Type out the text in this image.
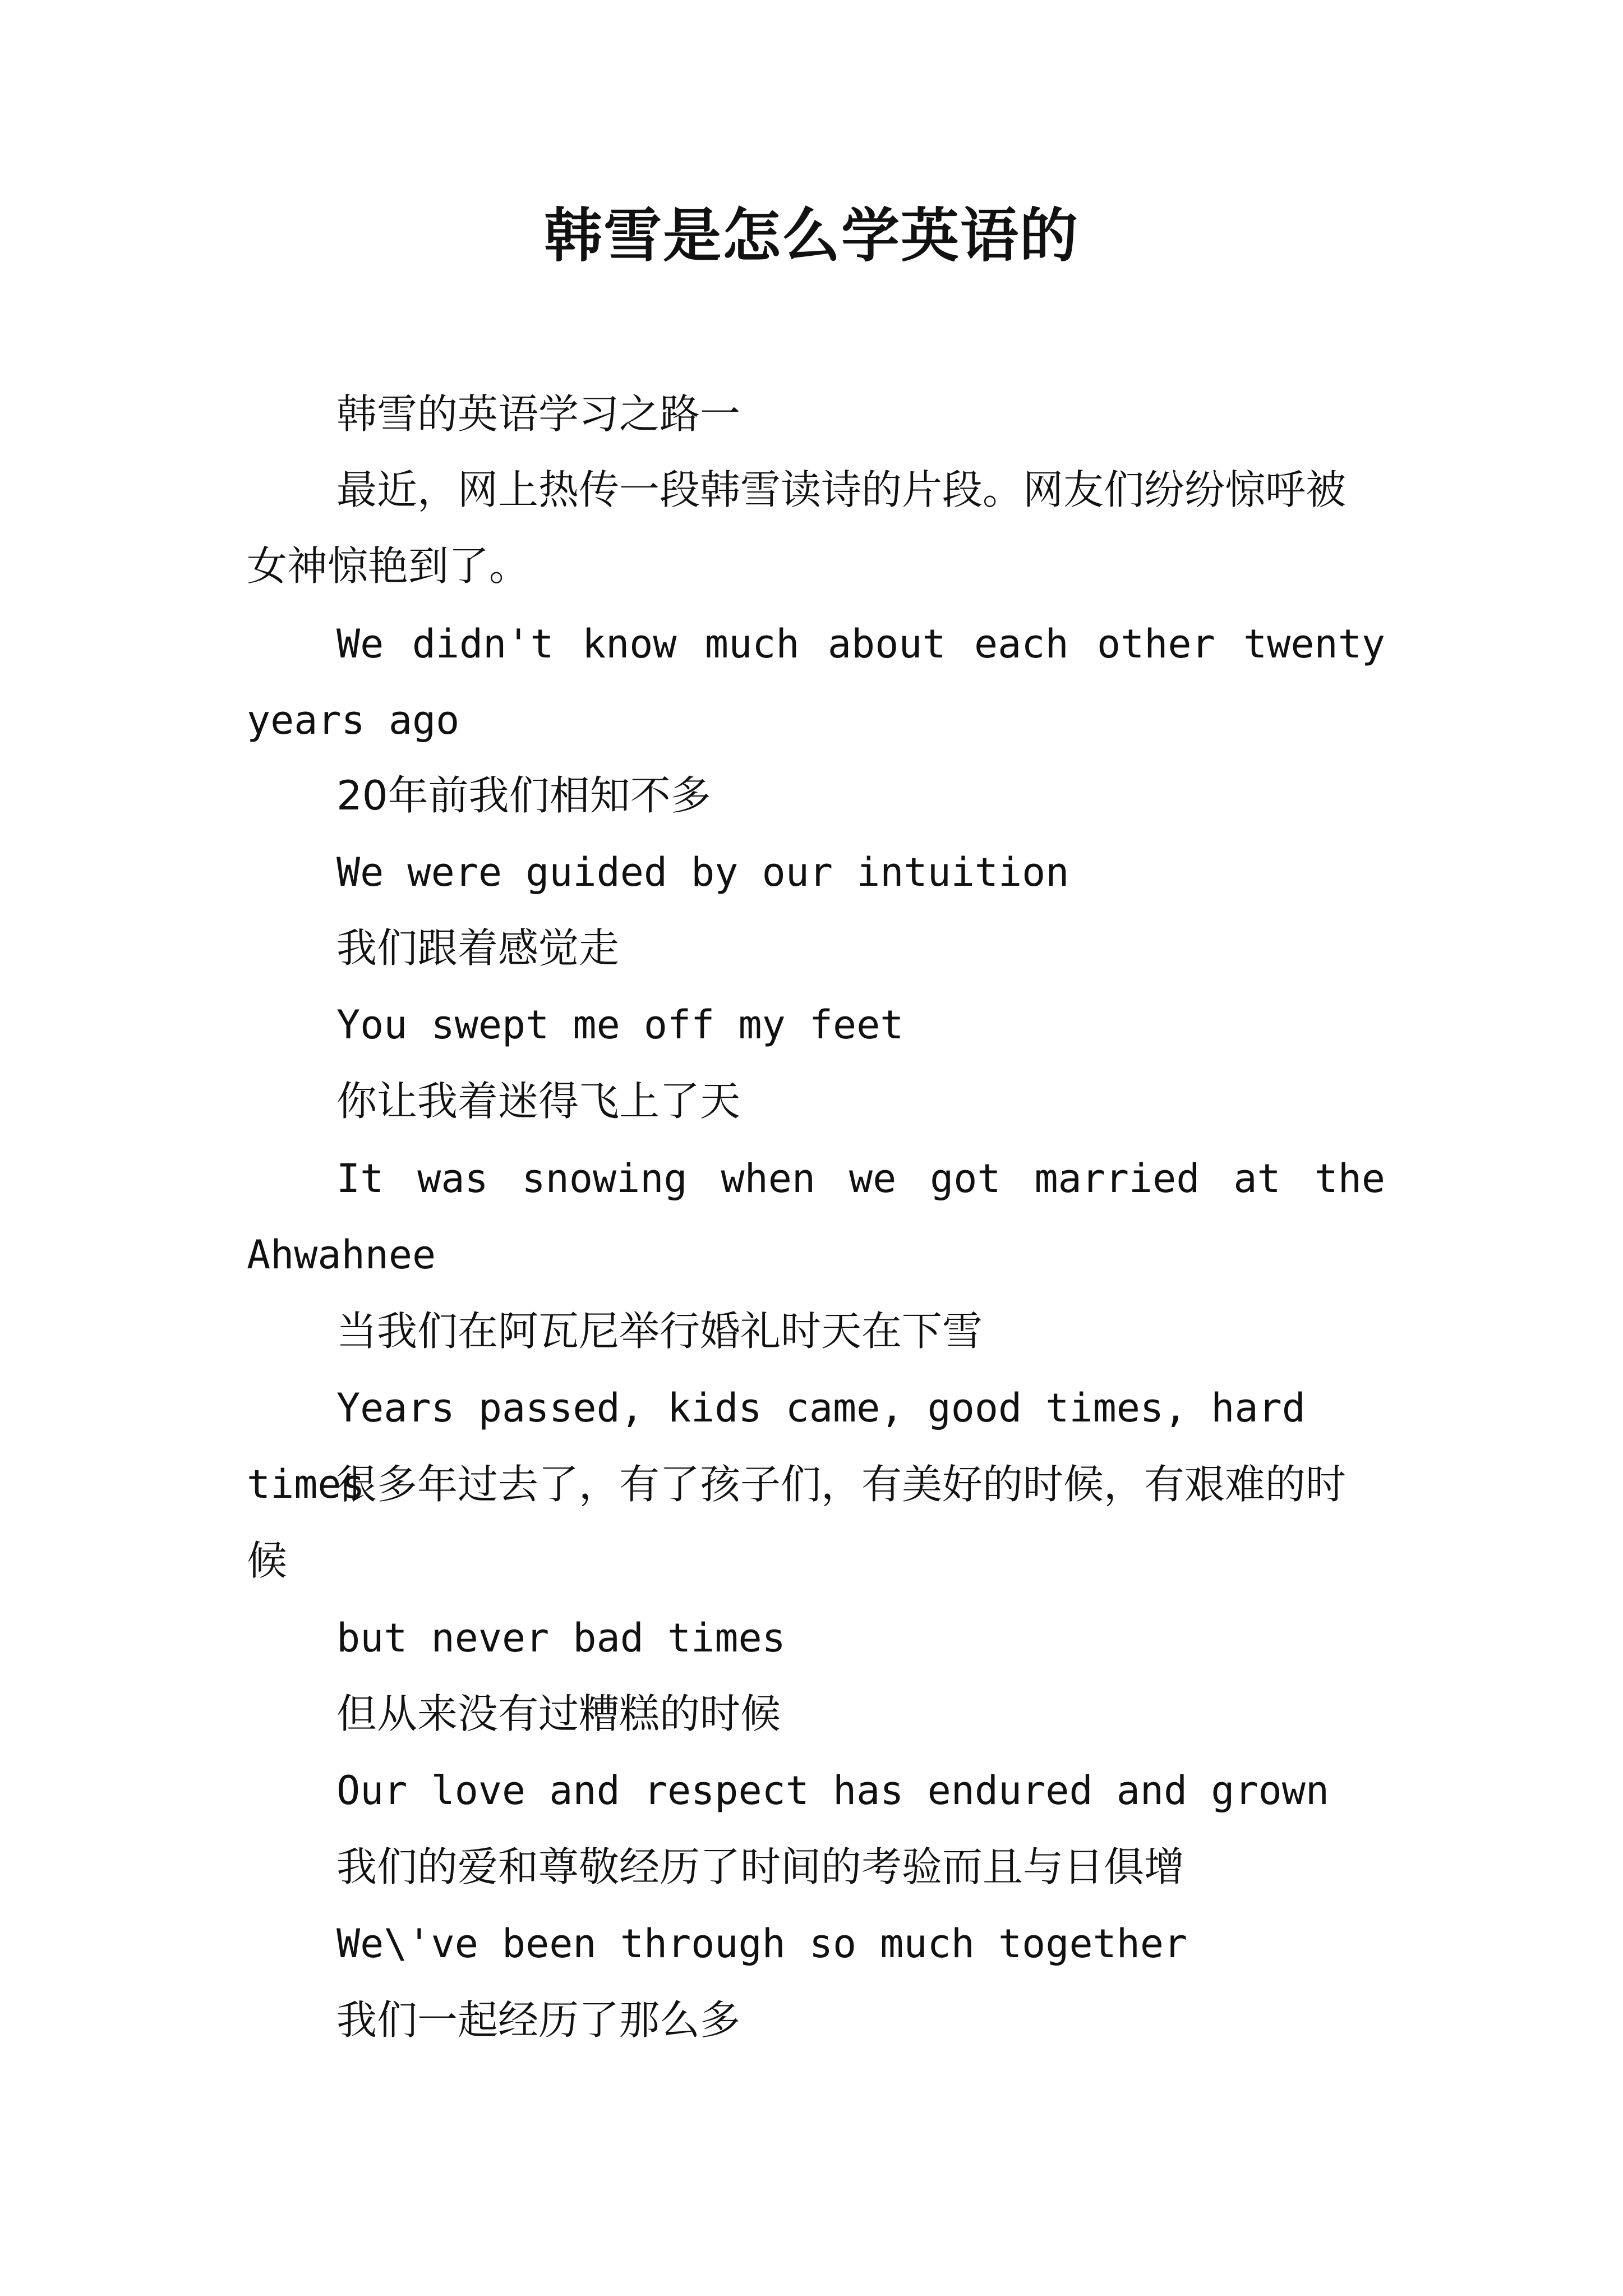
韩雪是怎么学英语的

韩雪的英语学习之路一

最近，网上热传一段韩雪读诗的片段。网友们纷纷惊呼被女神惊艳到了。

We didn't know much about each other twenty years ago

20年前我们相知不多

We were guided by our intuition

我们跟着感觉走

You swept me off my feet

你让我着迷得飞上了天

It was snowing when we got married at the Ahwahnee

当我们在阿瓦尼举行婚礼时天在下雪

Years passed, kids came, good times, hard times

很多年过去了，有了孩子们，有美好的时候，有艰难的时候

but never bad times

但从来没有过糟糕的时候

Our love and respect has endured and grown

我们的爱和尊敬经历了时间的考验而且与日俱增

We\'ve been through so much together

我们一起经历了那么多
